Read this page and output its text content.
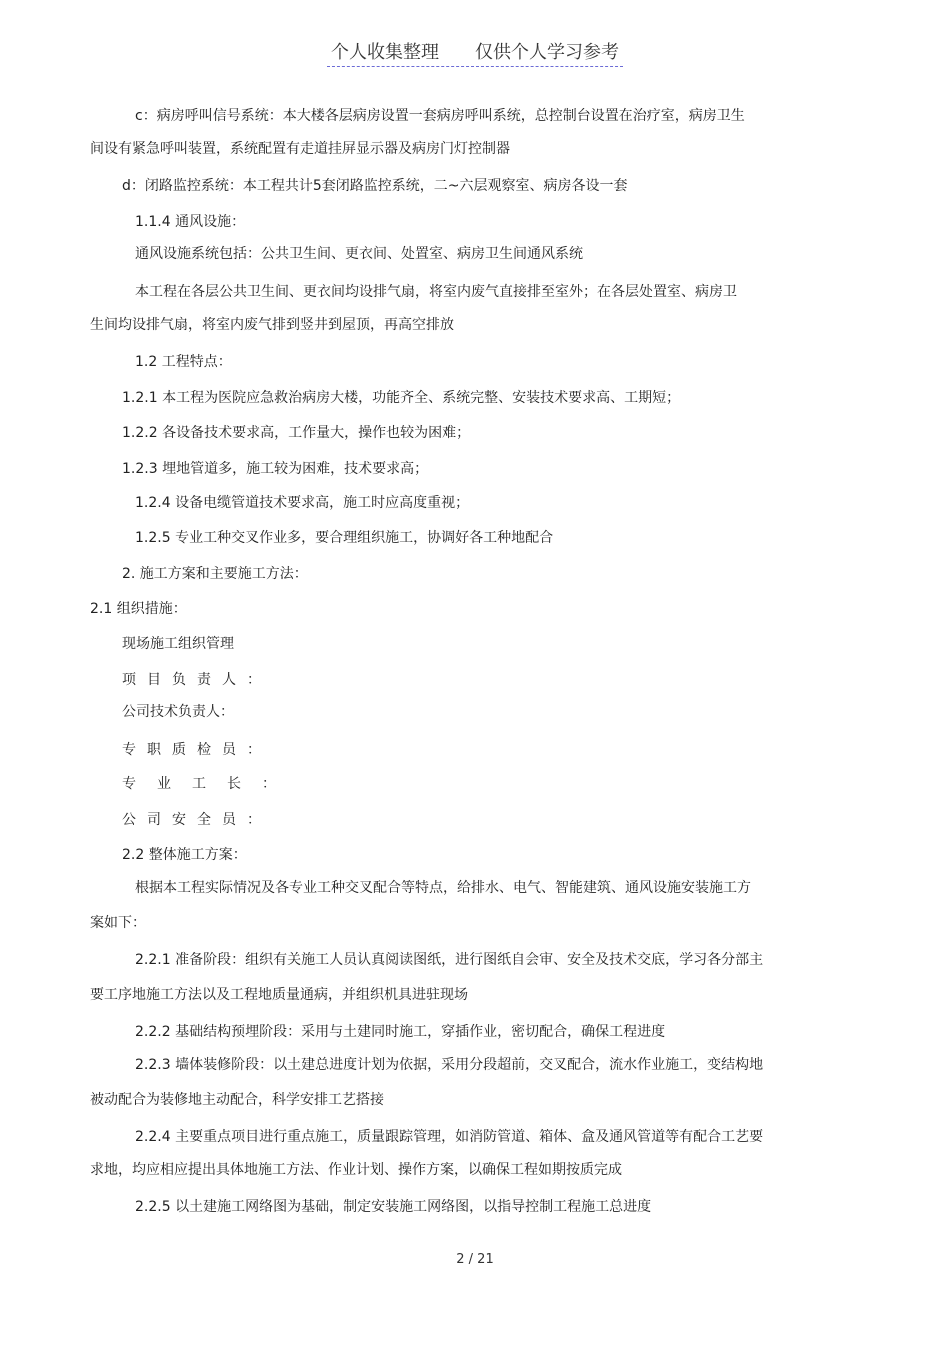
个人收集整理 仅供个人学习参考
c：病房呼叫信号系统：本大楼各层病房设置一套病房呼叫系统，总控制台设置在治疗室，病房卫生
间设有紧急呼叫装置，系统配置有走道挂屏显示器及病房门灯控制器
d：闭路监控系统：本工程共计5套闭路监控系统，二~六层观察室、病房各设一套
1.1.4 通风设施：
通风设施系统包括：公共卫生间、更衣间、处置室、病房卫生间通风系统
本工程在各层公共卫生间、更衣间均设排气扇，将室内废气直接排至室外；在各层处置室、病房卫
生间均设排气扇，将室内废气排到竖井到屋顶，再高空排放
1.2 工程特点：
1.2.1 本工程为医院应急救治病房大楼，功能齐全、系统完整、安装技术要求高、工期短；
1.2.2 各设备技术要求高，工作量大，操作也较为困难；
1.2.3 埋地管道多，施工较为困难，技术要求高；
1.2.4 设备电缆管道技术要求高，施工时应高度重视；
1.2.5 专业工种交叉作业多，要合理组织施工，协调好各工种地配合
2. 施工方案和主要施工方法：
2.1 组织措施：
现场施工组织管理
项目负责人：
公司技术负责人：
专职质检员：
专业工长：
公司安全员：
2.2 整体施工方案：
根据本工程实际情况及各专业工种交叉配合等特点，给排水、电气、智能建筑、通风设施安装施工方
案如下：
2.2.1 准备阶段：组织有关施工人员认真阅读图纸，进行图纸自会审、安全及技术交底，学习各分部主
要工序地施工方法以及工程地质量通病，并组织机具进驻现场
2.2.2 基础结构预埋阶段：采用与土建同时施工，穿插作业，密切配合，确保工程进度
2.2.3 墙体装修阶段：以土建总进度计划为依据，采用分段超前，交叉配合，流水作业施工，变结构地
被动配合为装修地主动配合，科学安排工艺搭接
2.2.4 主要重点项目进行重点施工，质量跟踪管理，如消防管道、箱体、盒及通风管道等有配合工艺要
求地，均应相应提出具体地施工方法、作业计划、操作方案，以确保工程如期按质完成
2.2.5 以土建施工网络图为基础，制定安装施工网络图，以指导控制工程施工总进度
2 / 21
